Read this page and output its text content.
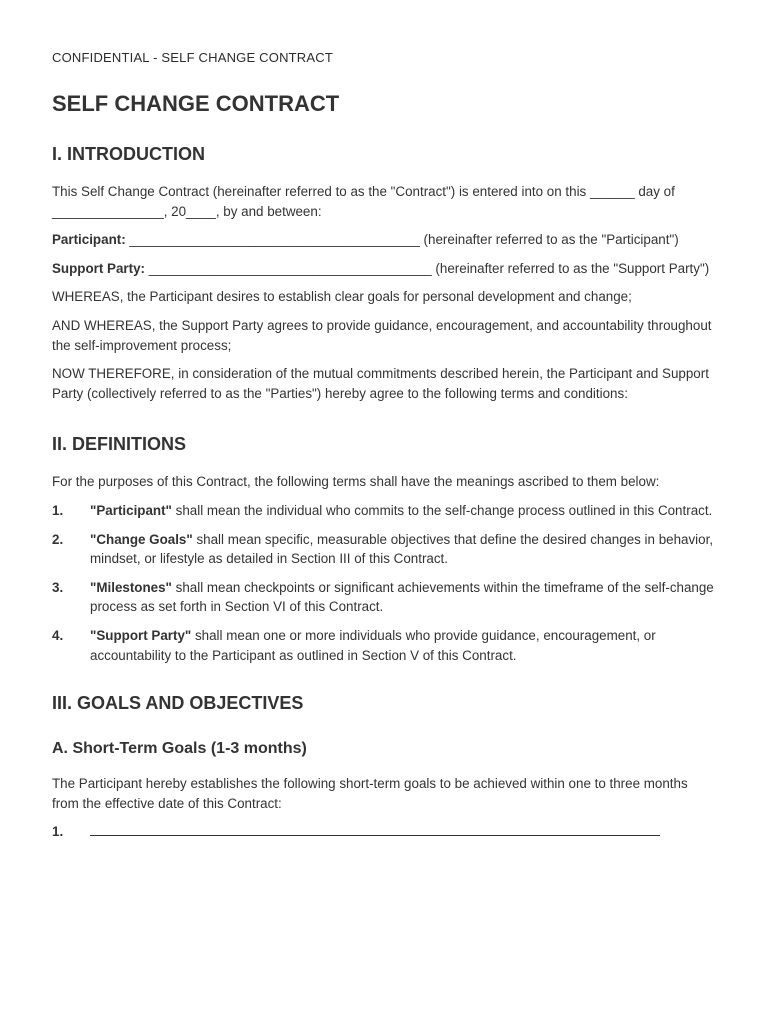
CONFIDENTIAL - SELF CHANGE CONTRACT
SELF CHANGE CONTRACT
I. INTRODUCTION

This Self Change Contract (hereinafter referred to as the "Contract") is entered into on this ______ day of _______________, 20____, by and between:

Participant: _______________________________________ (hereinafter referred to as the "Participant")

Support Party: ______________________________________ (hereinafter referred to as the "Support Party")

WHEREAS, the Participant desires to establish clear goals for personal development and change;

AND WHEREAS, the Support Party agrees to provide guidance, encouragement, and accountability throughout the self-improvement process;

NOW THEREFORE, in consideration of the mutual commitments described herein, the Participant and Support Party (collectively referred to as the "Parties") hereby agree to the following terms and conditions:

II. DEFINITIONS

For the purposes of this Contract, the following terms shall have the meanings ascribed to them below:

1.	"Participant" shall mean the individual who commits to the self-change process outlined in this Contract.
2.	"Change Goals" shall mean specific, measurable objectives that define the desired changes in behavior, mindset, or lifestyle as detailed in Section III of this Contract.
3.	"Milestones" shall mean checkpoints or significant achievements within the timeframe of the self-change process as set forth in Section VI of this Contract.
4.	"Support Party" shall mean one or more individuals who provide guidance, encouragement, or accountability to the Participant as outlined in Section V of this Contract.
III. GOALS AND OBJECTIVES
A. Short-Term Goals (1-3 months)

The Participant hereby establishes the following short-term goals to be achieved within one to three months from the effective date of this Contract:

1.
